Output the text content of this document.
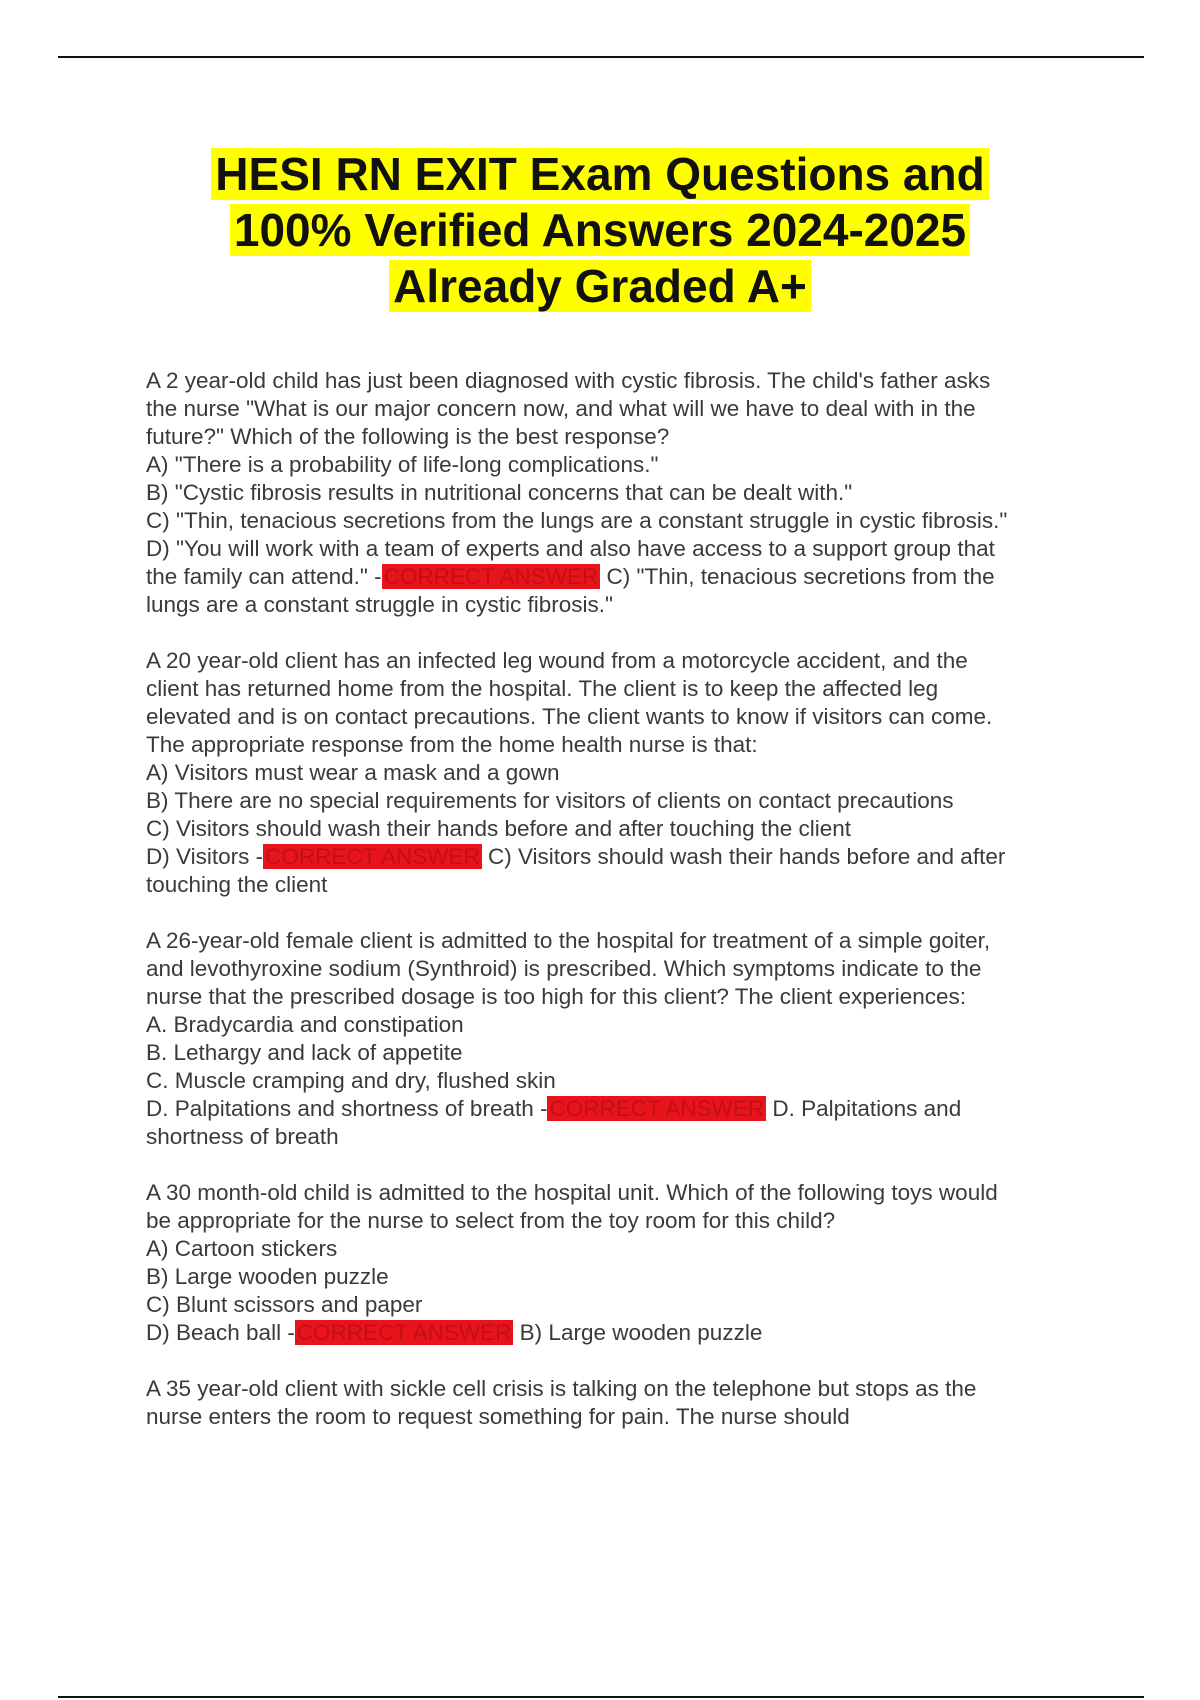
HESI RN EXIT Exam Questions and
100% Verified Answers 2024-2025
Already Graded A+
A 2 year-old child has just been diagnosed with cystic fibrosis. The child's father asks
the nurse "What is our major concern now, and what will we have to deal with in the
future?" Which of the following is the best response?
A) "There is a probability of life-long complications."
B) "Cystic fibrosis results in nutritional concerns that can be dealt with."
C) "Thin, tenacious secretions from the lungs are a constant struggle in cystic fibrosis."
D) "You will work with a team of experts and also have access to a support group that
the family can attend." -CORRECT ANSWER C) "Thin, tenacious secretions from the
lungs are a constant struggle in cystic fibrosis."
A 20 year-old client has an infected leg wound from a motorcycle accident, and the
client has returned home from the hospital. The client is to keep the affected leg
elevated and is on contact precautions. The client wants to know if visitors can come.
The appropriate response from the home health nurse is that:
A) Visitors must wear a mask and a gown
B) There are no special requirements for visitors of clients on contact precautions
C) Visitors should wash their hands before and after touching the client
D) Visitors -CORRECT ANSWER C) Visitors should wash their hands before and after
touching the client
A 26-year-old female client is admitted to the hospital for treatment of a simple goiter,
and levothyroxine sodium (Synthroid) is prescribed. Which symptoms indicate to the
nurse that the prescribed dosage is too high for this client? The client experiences:
A. Bradycardia and constipation
B. Lethargy and lack of appetite
C. Muscle cramping and dry, flushed skin
D. Palpitations and shortness of breath -CORRECT ANSWER D. Palpitations and
shortness of breath
A 30 month-old child is admitted to the hospital unit. Which of the following toys would
be appropriate for the nurse to select from the toy room for this child?
A) Cartoon stickers
B) Large wooden puzzle
C) Blunt scissors and paper
D) Beach ball -CORRECT ANSWER B) Large wooden puzzle
A 35 year-old client with sickle cell crisis is talking on the telephone but stops as the
nurse enters the room to request something for pain. The nurse should
